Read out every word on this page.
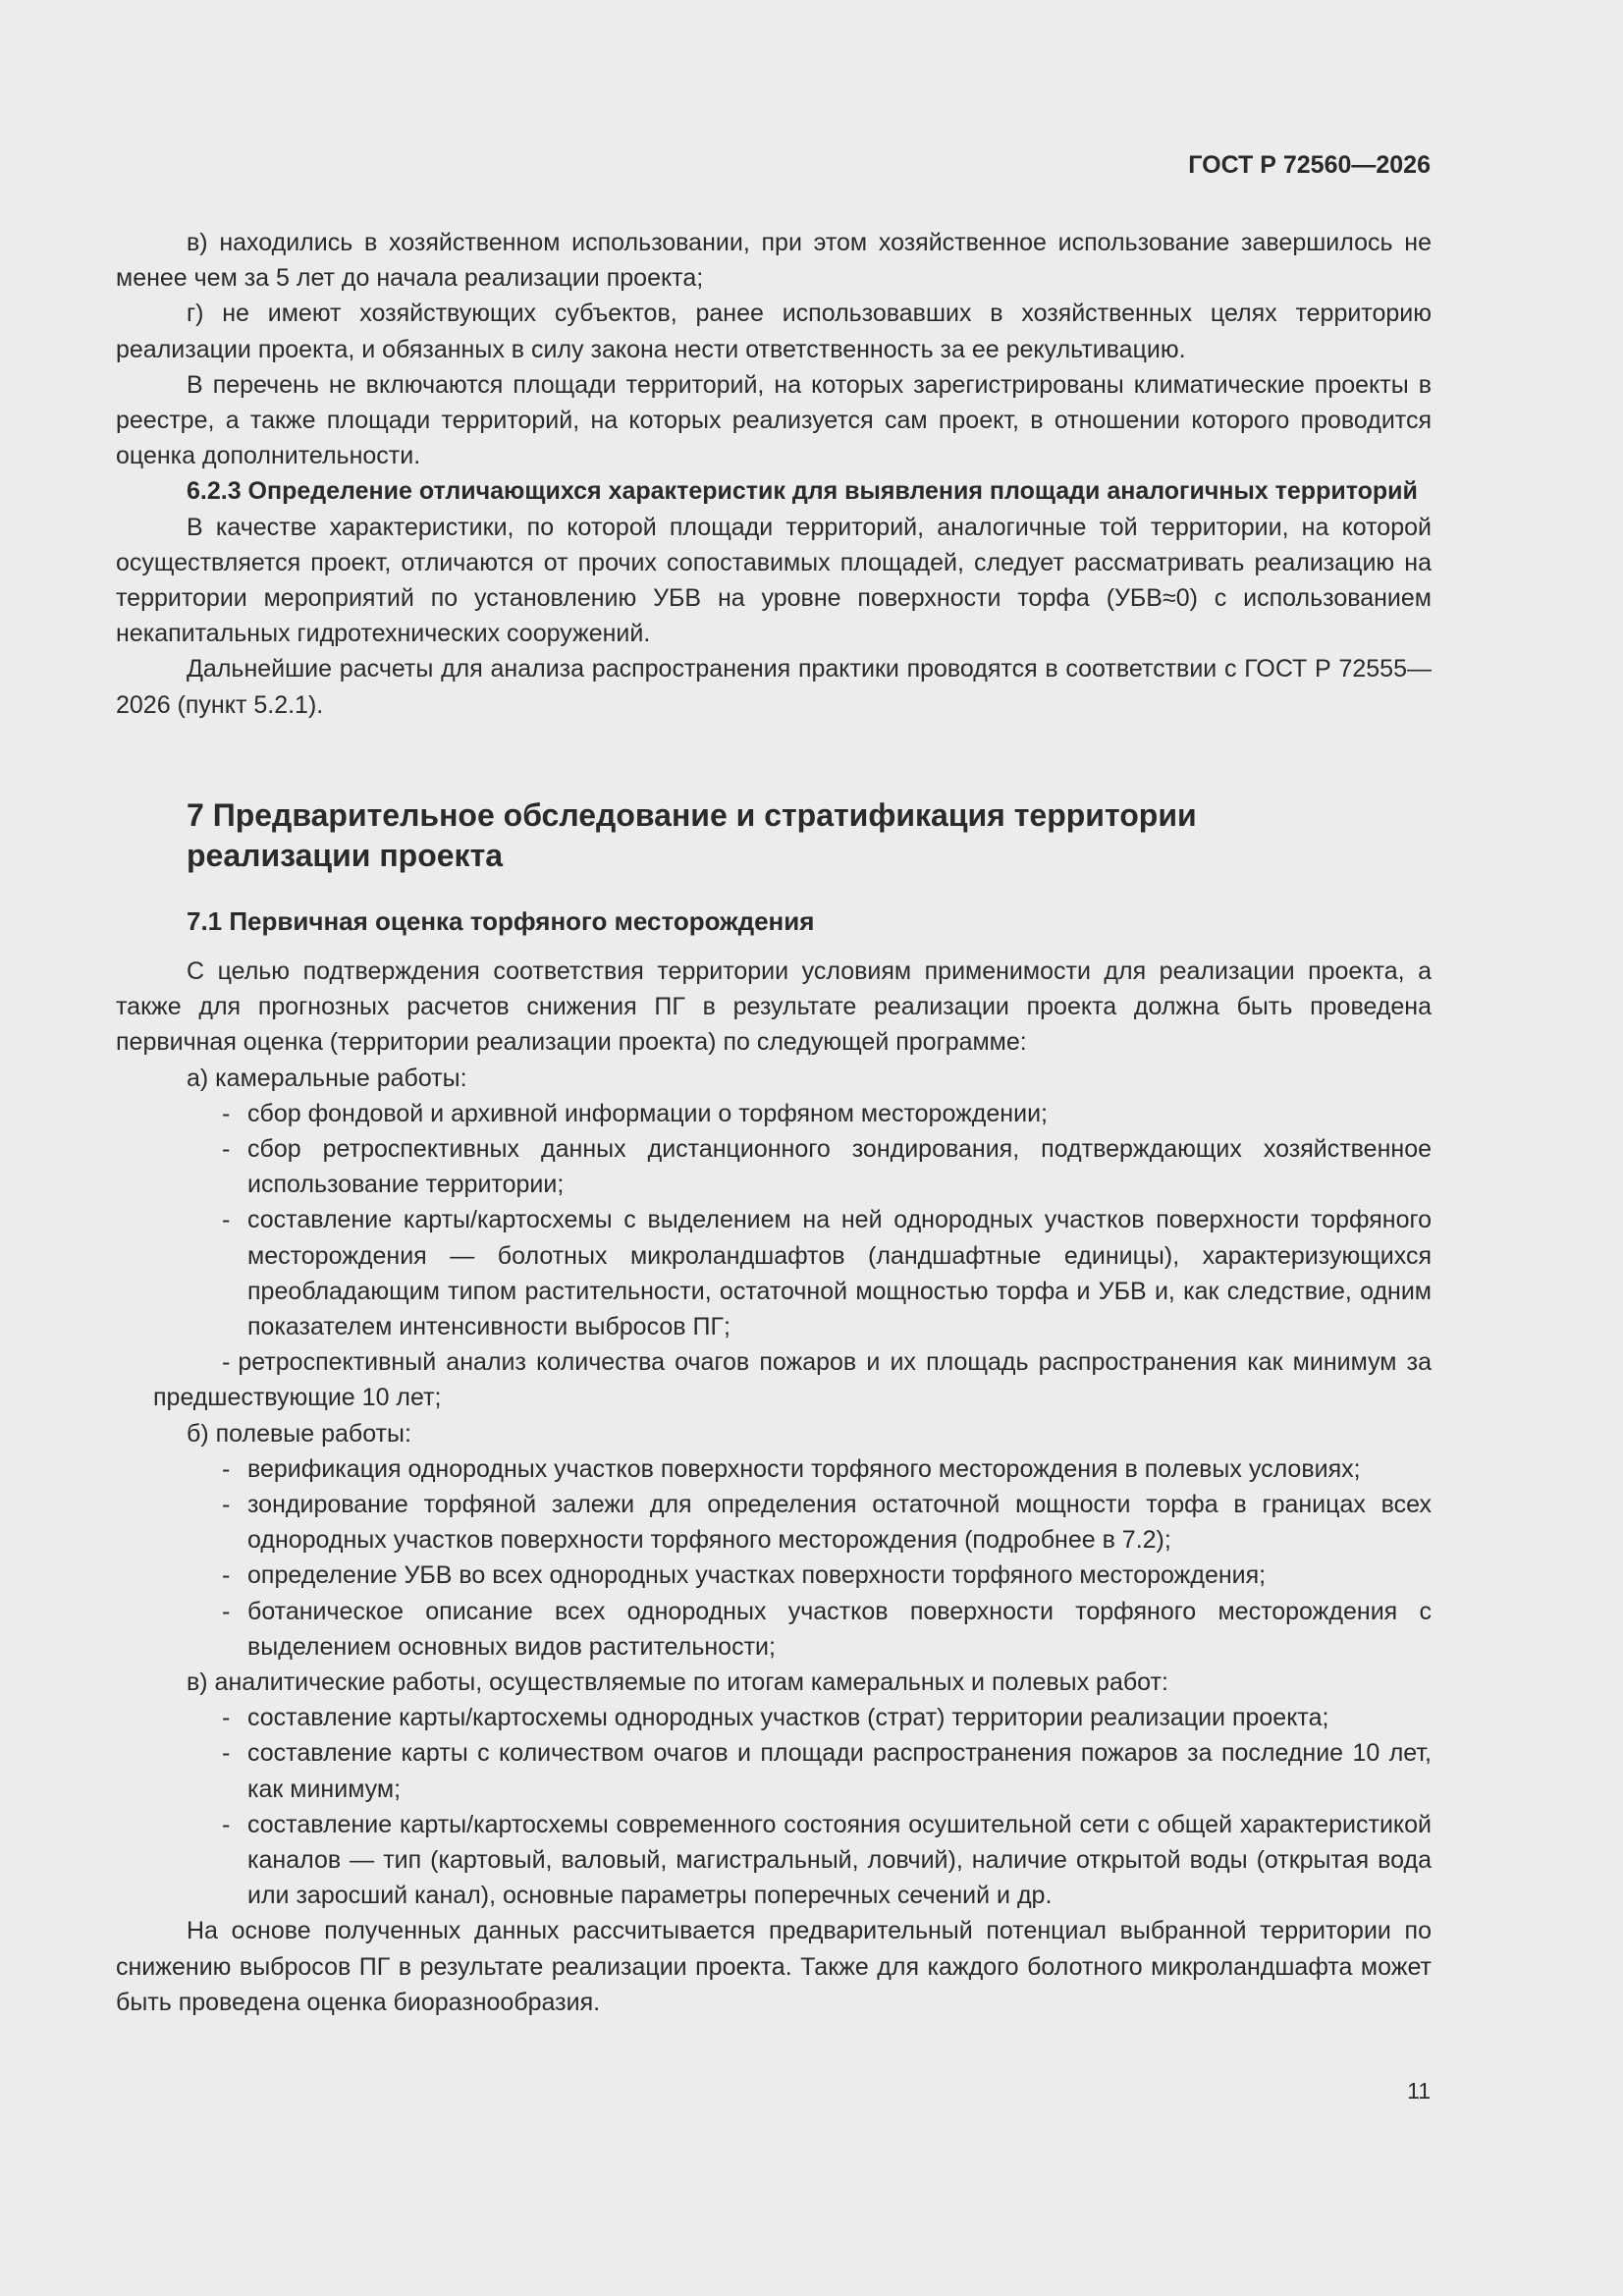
ГОСТ Р 72560—2026

в) находились в хозяйственном использовании, при этом хозяйственное использование завершилось не менее чем за 5 лет до начала реализации проекта;

г) не имеют хозяйствующих субъектов, ранее использовавших в хозяйственных целях территорию реализации проекта, и обязанных в силу закона нести ответственность за ее рекультивацию.

В перечень не включаются площади территорий, на которых зарегистрированы климатические проекты в реестре, а также площади территорий, на которых реализуется сам проект, в отношении которого проводится оценка дополнительности.

6.2.3 Определение отличающихся характеристик для выявления площади аналогичных территорий

В качестве характеристики, по которой площади территорий, аналогичные той территории, на которой осуществляется проект, отличаются от прочих сопоставимых площадей, следует рассматривать реализацию на территории мероприятий по установлению УБВ на уровне поверхности торфа (УБВ≈0) с использованием некапитальных гидротехнических сооружений.

Дальнейшие расчеты для анализа распространения практики проводятся в соответствии с ГОСТ Р 72555—2026 (пункт 5.2.1).

7 Предварительное обследование и стратификация территории
реализации проекта
7.1 Первичная оценка торфяного месторождения

С целью подтверждения соответствия территории условиям применимости для реализации проекта, а также для прогнозных расчетов снижения ПГ в результате реализации проекта должна быть проведена первичная оценка (территории реализации проекта) по следующей программе:

а) камеральные работы:

- сбор фондовой и архивной информации о торфяном месторождении;

- сбор ретроспективных данных дистанционного зондирования, подтверждающих хозяйственное использование территории;

- составление карты/картосхемы с выделением на ней однородных участков поверхности торфяного месторождения — болотных микроландшафтов (ландшафтные единицы), характеризующихся преобладающим типом растительности, остаточной мощностью торфа и УБВ и, как следствие, одним показателем интенсивности выбросов ПГ;

- ретроспективный анализ количества очагов пожаров и их площадь распространения как минимум за предшествующие 10 лет;

б) полевые работы:

- верификация однородных участков поверхности торфяного месторождения в полевых условиях;

- зондирование торфяной залежи для определения остаточной мощности торфа в границах всех однородных участков поверхности торфяного месторождения (подробнее в 7.2);

- определение УБВ во всех однородных участках поверхности торфяного месторождения;

- ботаническое описание всех однородных участков поверхности торфяного месторождения с выделением основных видов растительности;

в) аналитические работы, осуществляемые по итогам камеральных и полевых работ:

- составление карты/картосхемы однородных участков (страт) территории реализации проекта;

- составление карты с количеством очагов и площади распространения пожаров за последние 10 лет, как минимум;

- составление карты/картосхемы современного состояния осушительной сети с общей характеристикой каналов — тип (картовый, валовый, магистральный, ловчий), наличие открытой воды (открытая вода или заросший канал), основные параметры поперечных сечений и др.

На основе полученных данных рассчитывается предварительный потенциал выбранной территории по снижению выбросов ПГ в результате реализации проекта. Также для каждого болотного микроландшафта может быть проведена оценка биоразнообразия.

11
